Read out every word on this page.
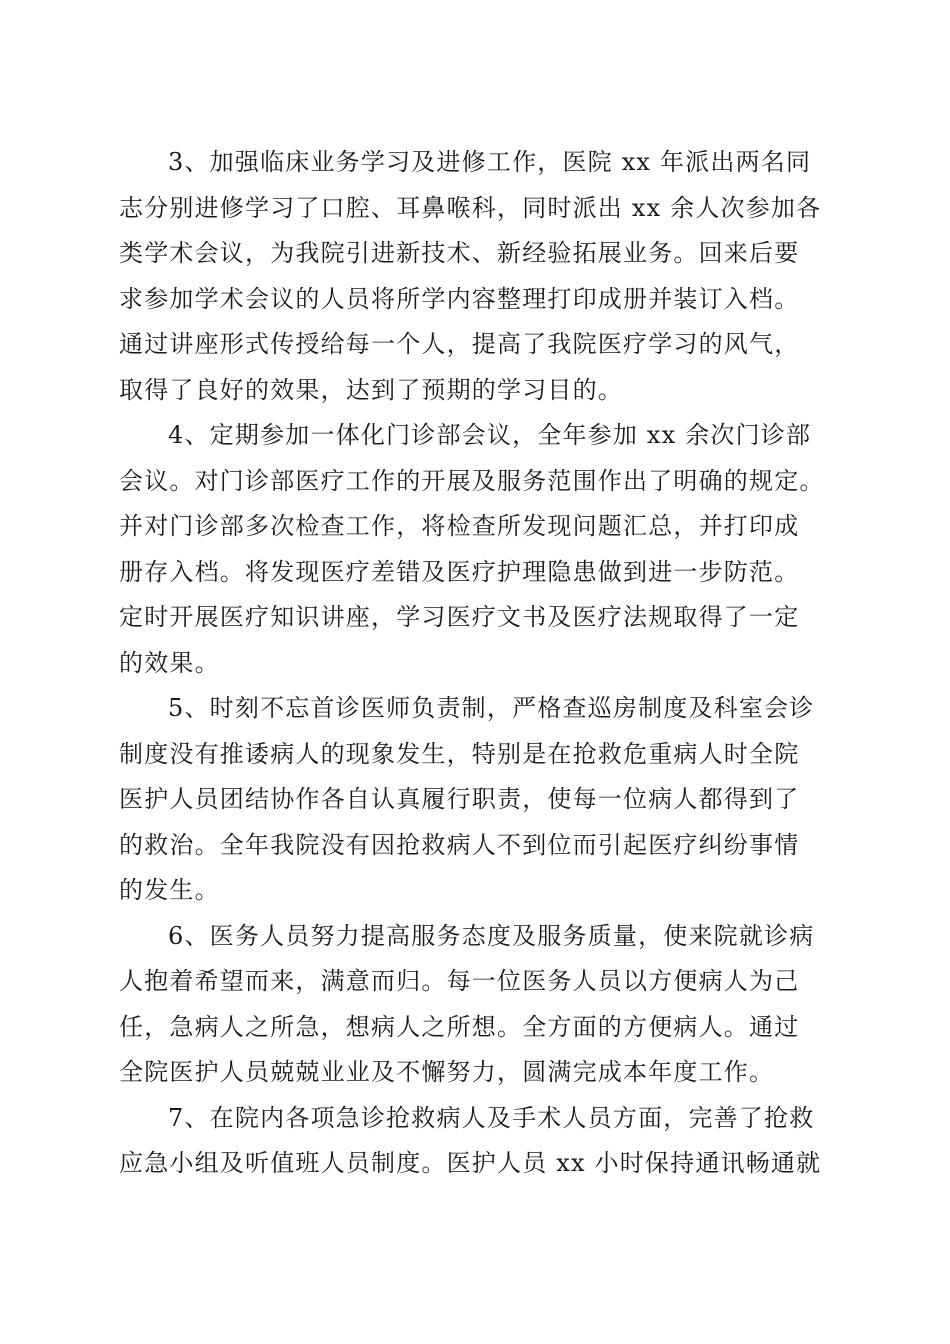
3、加强临床业务学习及进修工作，医院 xx 年派出两名同
志分别进修学习了口腔、耳鼻喉科，同时派出 xx 余人次参加各
类学术会议，为我院引进新技术、新经验拓展业务。回来后要
求参加学术会议的人员将所学内容整理打印成册并装订入档。
通过讲座形式传授给每一个人，提高了我院医疗学习的风气，
取得了良好的效果，达到了预期的学习目的。

4、定期参加一体化门诊部会议，全年参加 xx 余次门诊部
会议。对门诊部医疗工作的开展及服务范围作出了明确的规定。
并对门诊部多次检查工作，将检查所发现问题汇总，并打印成
册存入档。将发现医疗差错及医疗护理隐患做到进一步防范。
定时开展医疗知识讲座，学习医疗文书及医疗法规取得了一定
的效果。

5、时刻不忘首诊医师负责制，严格查巡房制度及科室会诊
制度没有推诿病人的现象发生，特别是在抢救危重病人时全院
医护人员团结协作各自认真履行职责，使每一位病人都得到了
的救治。全年我院没有因抢救病人不到位而引起医疗纠纷事情
的发生。

6、医务人员努力提高服务态度及服务质量，使来院就诊病
人抱着希望而来，满意而归。每一位医务人员以方便病人为己
任，急病人之所急，想病人之所想。全方面的方便病人。通过
全院医护人员兢兢业业及不懈努力，圆满完成本年度工作。

7、在院内各项急诊抢救病人及手术人员方面，完善了抢救
应急小组及听值班人员制度。医护人员 xx 小时保持通讯畅通就
